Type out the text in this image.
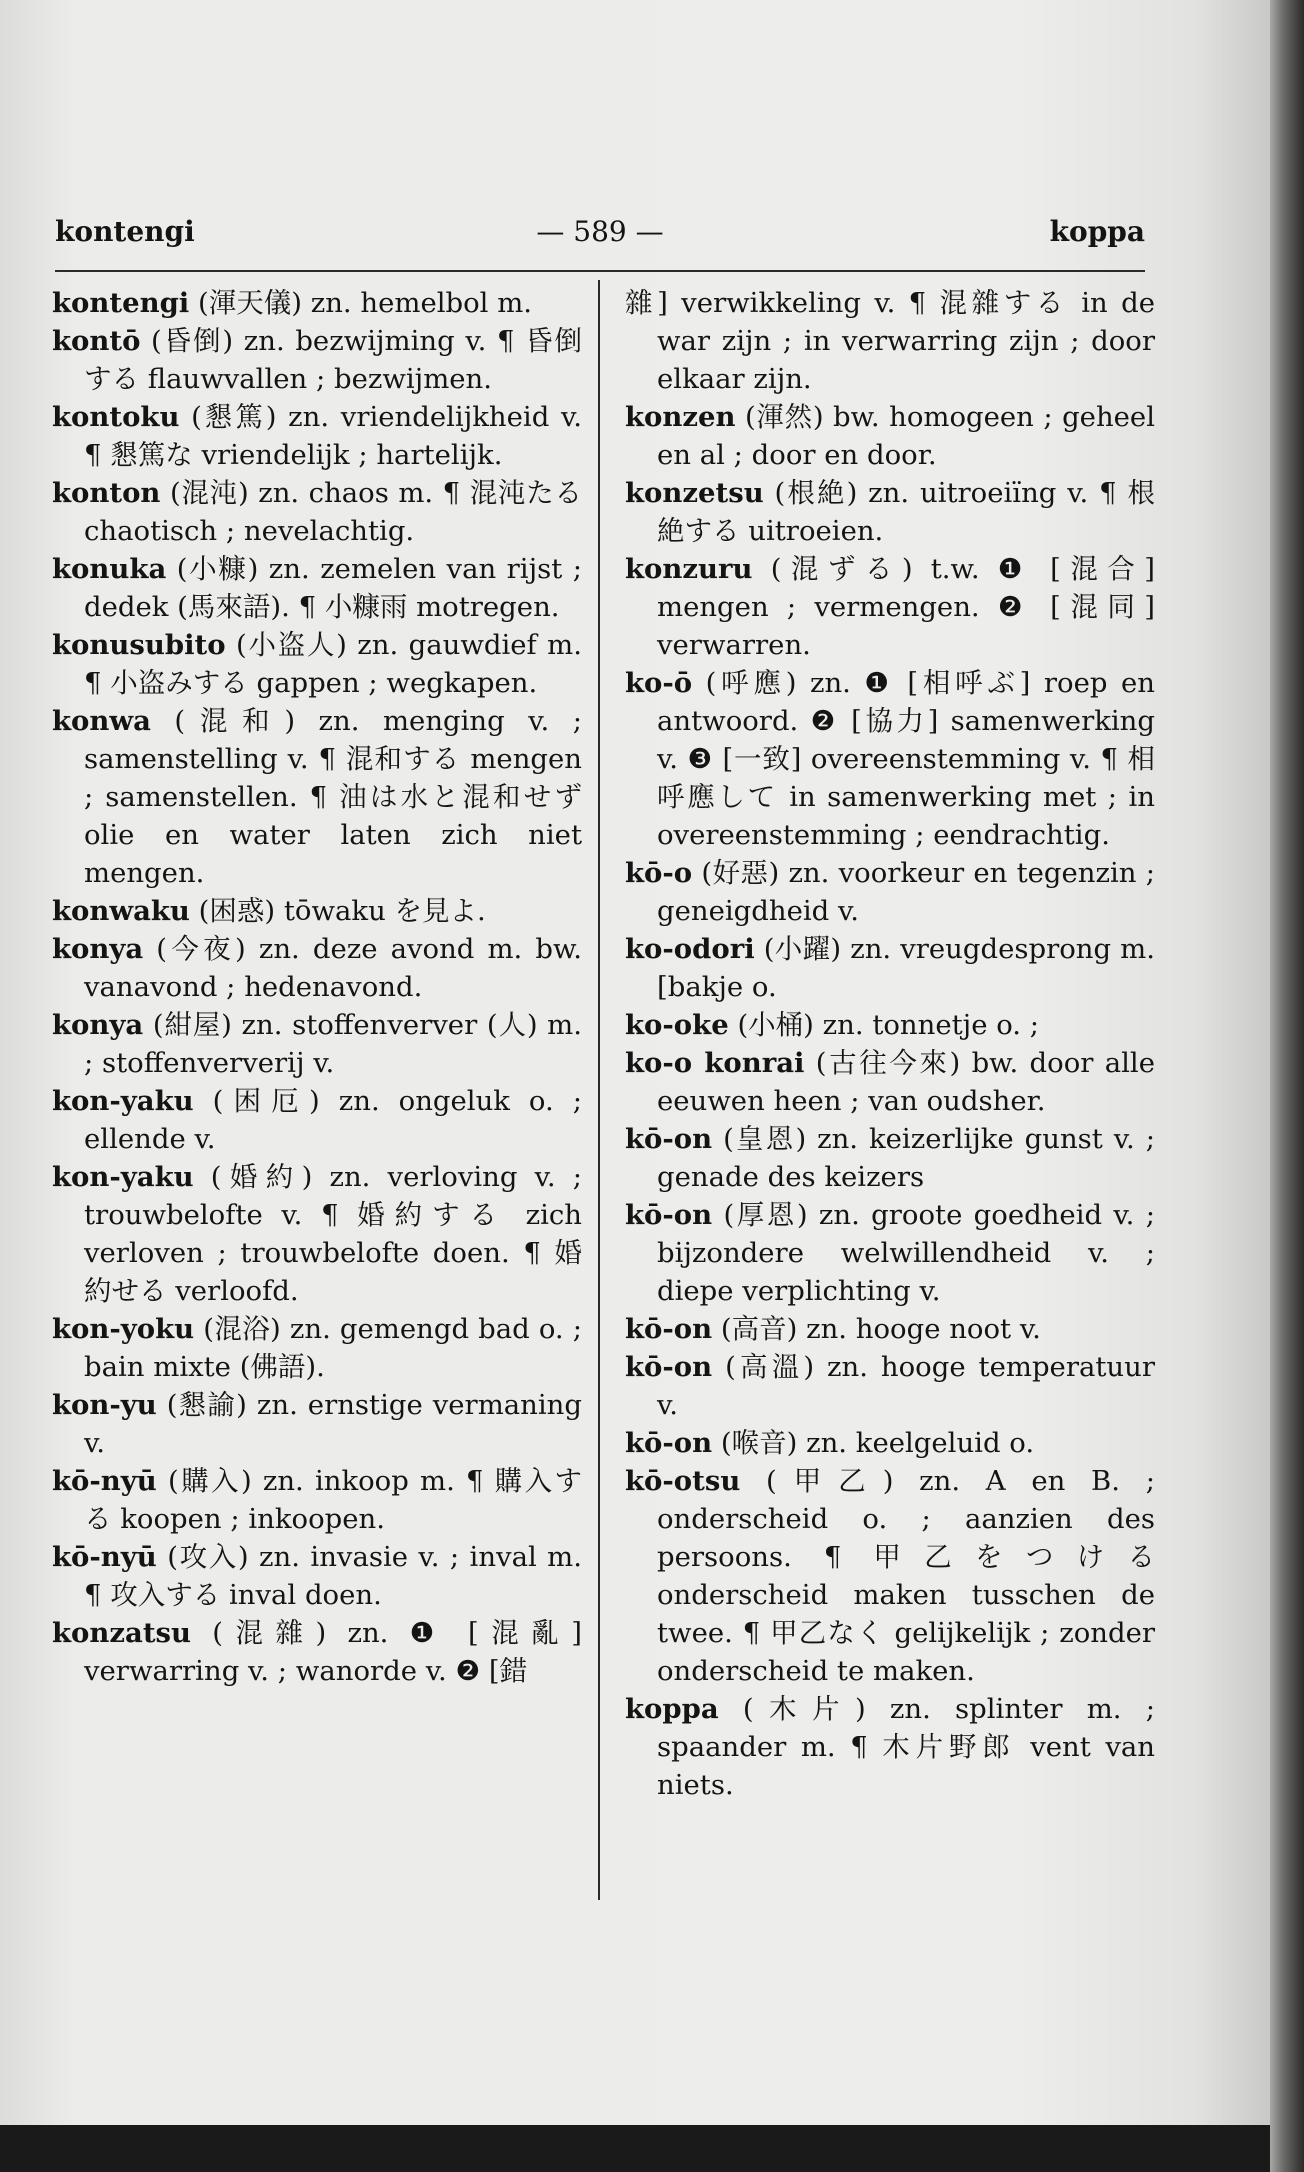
kontengi	— 589 —	koppa

kontengi (渾天儀) zn. hemelbol m.

kontō (昏倒) zn. bezwijming v. ¶ 昏倒する flauwvallen ; bezwijmen.

kontoku (懇篤) zn. vriendelijkheid v. ¶ 懇篤な vriendelijk ; hartelijk.

konton (混沌) zn. chaos m. ¶ 混沌たる chaotisch ; nevelachtig.

konuka (小糠) zn. zemelen van rijst ; dedek (馬來語). ¶ 小糠雨 motregen.

konusubito (小盗人) zn. gauwdief m. ¶ 小盗みする gappen ; wegkapen.

konwa (混和) zn. menging v. ; samenstelling v. ¶ 混和する mengen ; samenstellen. ¶ 油は水と混和せず olie en water laten zich niet mengen.

konwaku (困惑) tōwaku を見よ.

konya (今夜) zn. deze avond m. bw. vanavond ; hedenavond.

konya (紺屋) zn. stoffenverver (人) m. ; stoffenververij v.

kon-yaku (困厄) zn. ongeluk o. ; ellende v.

kon-yaku (婚約) zn. verloving v. ; trouwbelofte v. ¶ 婚約する zich verloven ; trouwbelofte doen. ¶ 婚約せる verloofd.

kon-yoku (混浴) zn. gemengd bad o. ; bain mixte (佛語).

kon-yu (懇諭) zn. ernstige vermaning v.

kō-nyū (購入) zn. inkoop m. ¶ 購入する koopen ; inkoopen.

kō-nyū (攻入) zn. invasie v. ; inval m. ¶ 攻入する inval doen.

konzatsu (混雜) zn. ❶ [混亂] verwarring v. ; wanorde v. ❷ [錯

雜] verwikkeling v. ¶ 混雜する in de war zijn ; in verwarring zijn ; door elkaar zijn.

konzen (渾然) bw. homogeen ; geheel en al ; door en door.

konzetsu (根絶) zn. uitroeiïng v. ¶ 根絶する uitroeien.

konzuru (混ずる) t.w. ❶ [混合] mengen ; vermengen. ❷ [混同] verwarren.

ko-ō (呼應) zn. ❶ [相呼ぶ] roep en antwoord. ❷ [協力] samenwerking v. ❸ [一致] overeenstemming v. ¶ 相呼應して in samenwerking met ; in overeenstemming ; eendrachtig.

kō-o (好惡) zn. voorkeur en tegenzin ; geneigdheid v.

ko-odori (小躍) zn. vreugdesprong m. [bakje o.

ko-oke (小桶) zn. tonnetje o. ;

ko-o konrai (古往今來) bw. door alle eeuwen heen ; van oudsher.

kō-on (皇恩) zn. keizerlijke gunst v. ; genade des keizers

kō-on (厚恩) zn. groote goedheid v. ; bijzondere welwillendheid v. ; diepe verplichting v.

kō-on (高音) zn. hooge noot v.

kō-on (高溫) zn. hooge temperatuur v.

kō-on (喉音) zn. keelgeluid o.

kō-otsu (甲乙) zn. A en B. ; onderscheid o. ; aanzien des persoons. ¶ 甲乙をつける onderscheid maken tusschen de twee. ¶ 甲乙なく gelijkelijk ; zonder onderscheid te maken.

koppa (木片) zn. splinter m. ; spaander m. ¶ 木片野郎 vent van niets.
